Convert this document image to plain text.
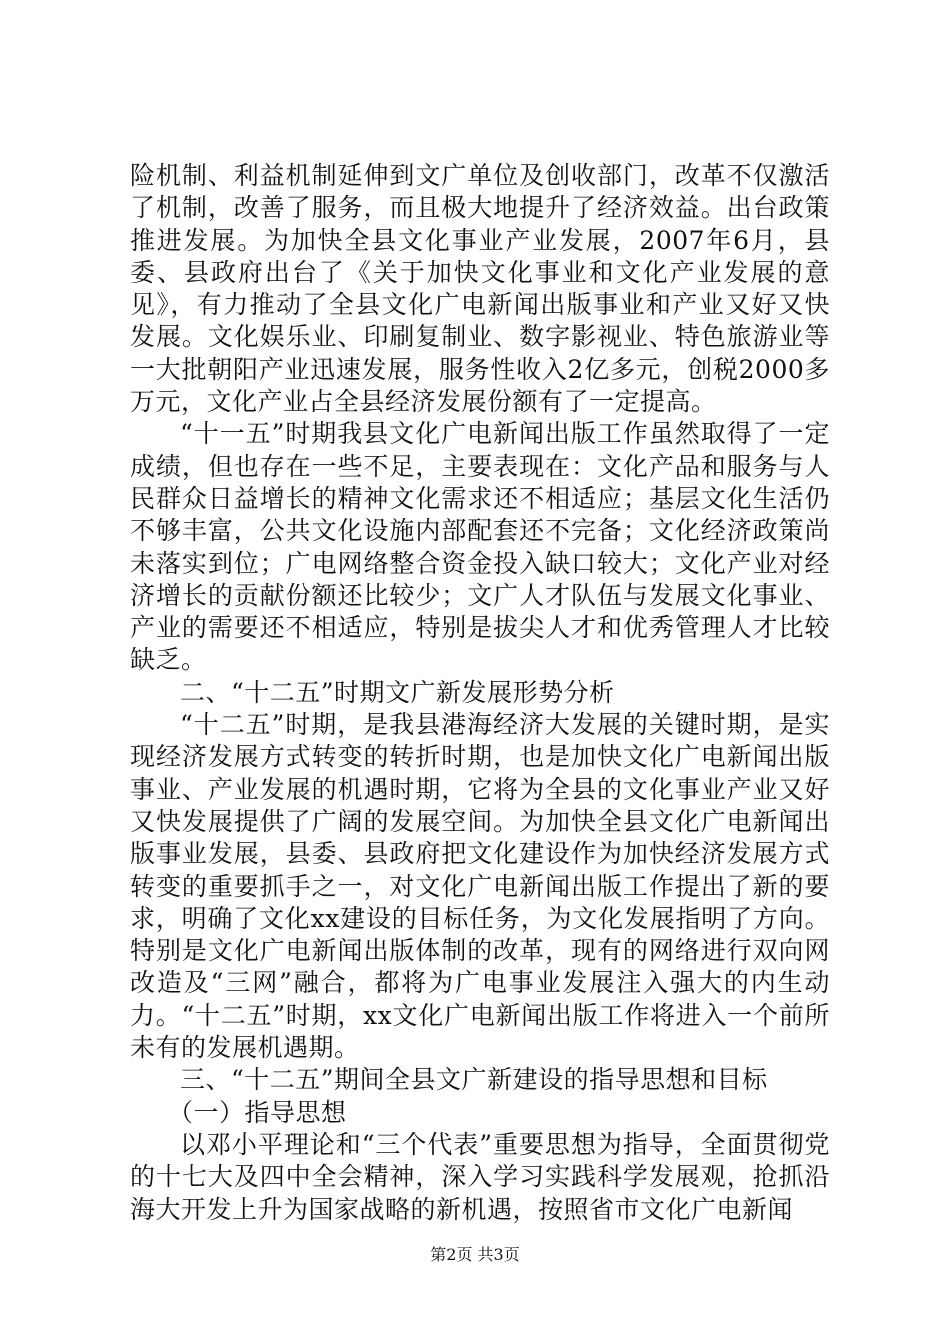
险机制、利益机制延伸到文广单位及创收部门，改革不仅激活了机制，改善了服务，而且极大地提升了经济效益。出台政策推进发展。为加快全县文化事业产业发展，2007年6月，县委、县政府出台了《关于加快文化事业和文化产业发展的意见》，有力推动了全县文化广电新闻出版事业和产业又好又快发展。文化娱乐业、印刷复制业、数字影视业、特色旅游业等一大批朝阳产业迅速发展，服务性收入2亿多元，创税2000多万元，文化产业占全县经济发展份额有了一定提高。

“十一五”时期我县文化广电新闻出版工作虽然取得了一定成绩，但也存在一些不足，主要表现在：文化产品和服务与人民群众日益增长的精神文化需求还不相适应；基层文化生活仍不够丰富，公共文化设施内部配套还不完备；文化经济政策尚未落实到位；广电网络整合资金投入缺口较大；文化产业对经济增长的贡献份额还比较少；文广人才队伍与发展文化事业、产业的需要还不相适应，特别是拔尖人才和优秀管理人才比较缺乏。

二、“十二五”时期文广新发展形势分析

“十二五”时期，是我县港海经济大发展的关键时期，是实现经济发展方式转变的转折时期，也是加快文化广电新闻出版事业、产业发展的机遇时期，它将为全县的文化事业产业又好又快发展提供了广阔的发展空间。为加快全县文化广电新闻出版事业发展，县委、县政府把文化建设作为加快经济发展方式转变的重要抓手之一，对文化广电新闻出版工作提出了新的要求，明确了文化xx建设的目标任务，为文化发展指明了方向。特别是文化广电新闻出版体制的改革，现有的网络进行双向网改造及“三网”融合，都将为广电事业发展注入强大的内生动力。“十二五”时期，xx文化广电新闻出版工作将进入一个前所未有的发展机遇期。

三、“十二五”期间全县文广新建设的指导思想和目标

（一）指导思想

以邓小平理论和“三个代表”重要思想为指导，全面贯彻党的十七大及四中全会精神，深入学习实践科学发展观，抢抓沿海大开发上升为国家战略的新机遇，按照省市文化广电新闻

第2页 共3页
